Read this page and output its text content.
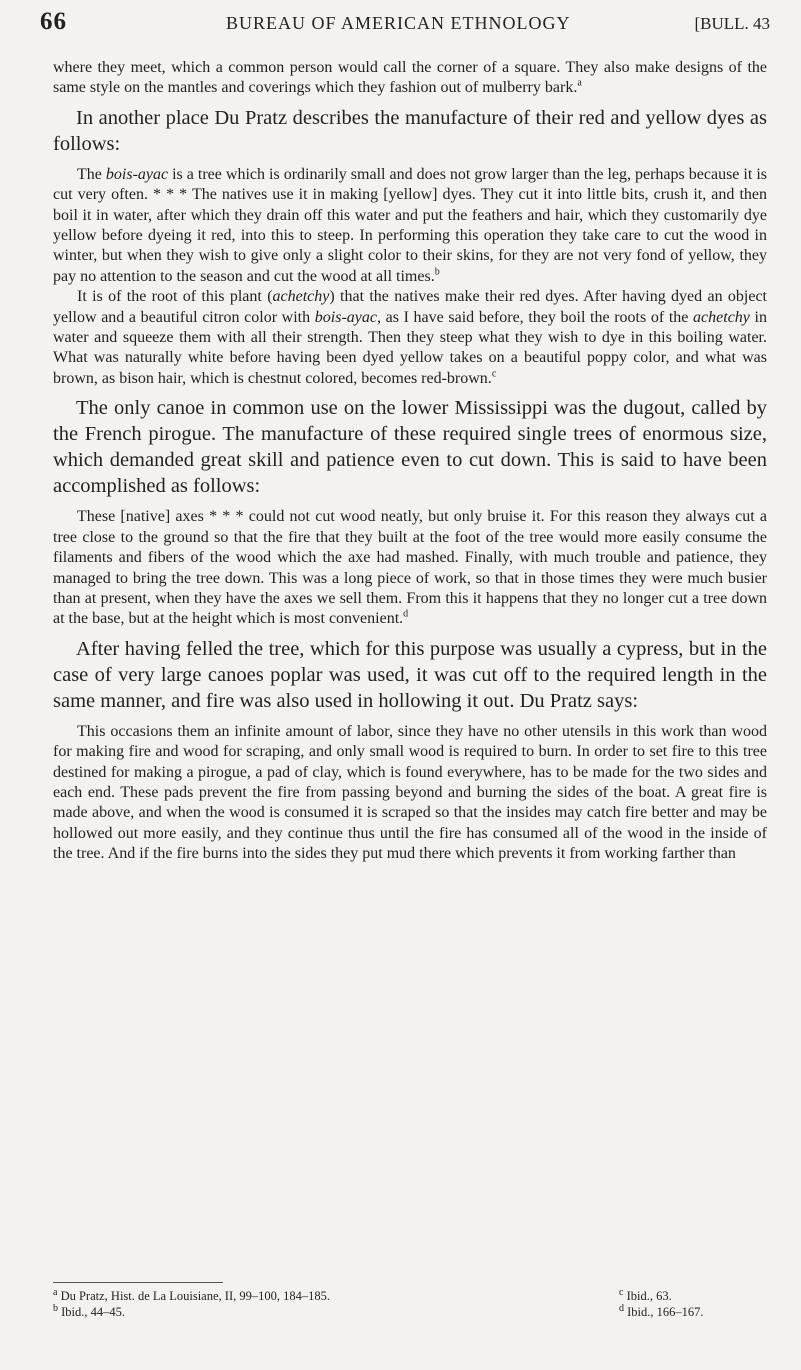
66	BUREAU OF AMERICAN ETHNOLOGY	[BULL. 43

where they meet, which a common person would call the corner of a square. They also make designs of the same style on the mantles and coverings which they fashion out of mulberry bark.$^a$

In another place Du Pratz describes the manufacture of their red and yellow dyes as follows:

The bois-ayac is a tree which is ordinarily small and does not grow larger than the leg, perhaps because it is cut very often. * * * The natives use it in making [yellow] dyes. They cut it into little bits, crush it, and then boil it in water, after which they drain off this water and put the feathers and hair, which they customarily dye yellow before dyeing it red, into this to steep. In performing this operation they take care to cut the wood in winter, but when they wish to give only a slight color to their skins, for they are not very fond of yellow, they pay no attention to the season and cut the wood at all times.$^b$

It is of the root of this plant (achetchy) that the natives make their red dyes. After having dyed an object yellow and a beautiful citron color with bois-ayac, as I have said before, they boil the roots of the achetchy in water and squeeze them with all their strength. Then they steep what they wish to dye in this boiling water. What was naturally white before having been dyed yellow takes on a beautiful poppy color, and what was brown, as bison hair, which is chestnut colored, becomes red-brown.$^c$

The only canoe in common use on the lower Mississippi was the dugout, called by the French pirogue. The manufacture of these required single trees of enormous size, which demanded great skill and patience even to cut down. This is said to have been accomplished as follows:

These [native] axes * * * could not cut wood neatly, but only bruise it. For this reason they always cut a tree close to the ground so that the fire that they built at the foot of the tree would more easily consume the filaments and fibers of the wood which the axe had mashed. Finally, with much trouble and patience, they managed to bring the tree down. This was a long piece of work, so that in those times they were much busier than at present, when they have the axes we sell them. From this it happens that they no longer cut a tree down at the base, but at the height which is most convenient.$^d$

After having felled the tree, which for this purpose was usually a cypress, but in the case of very large canoes poplar was used, it was cut off to the required length in the same manner, and fire was also used in hollowing it out. Du Pratz says:

This occasions them an infinite amount of labor, since they have no other utensils in this work than wood for making fire and wood for scraping, and only small wood is required to burn. In order to set fire to this tree destined for making a pirogue, a pad of clay, which is found everywhere, has to be made for the two sides and each end. These pads prevent the fire from passing beyond and burning the sides of the boat. A great fire is made above, and when the wood is consumed it is scraped so that the insides may catch fire better and may be hollowed out more easily, and they continue thus until the fire has consumed all of the wood in the inside of the tree. And if the fire burns into the sides they put mud there which prevents it from working farther than

$^a$ Du Pratz, Hist. de La Louisiane, II, 99–100, 184–185.
$^b$ Ibid., 44–45.
$^c$ Ibid., 63.
$^d$ Ibid., 166–167.
